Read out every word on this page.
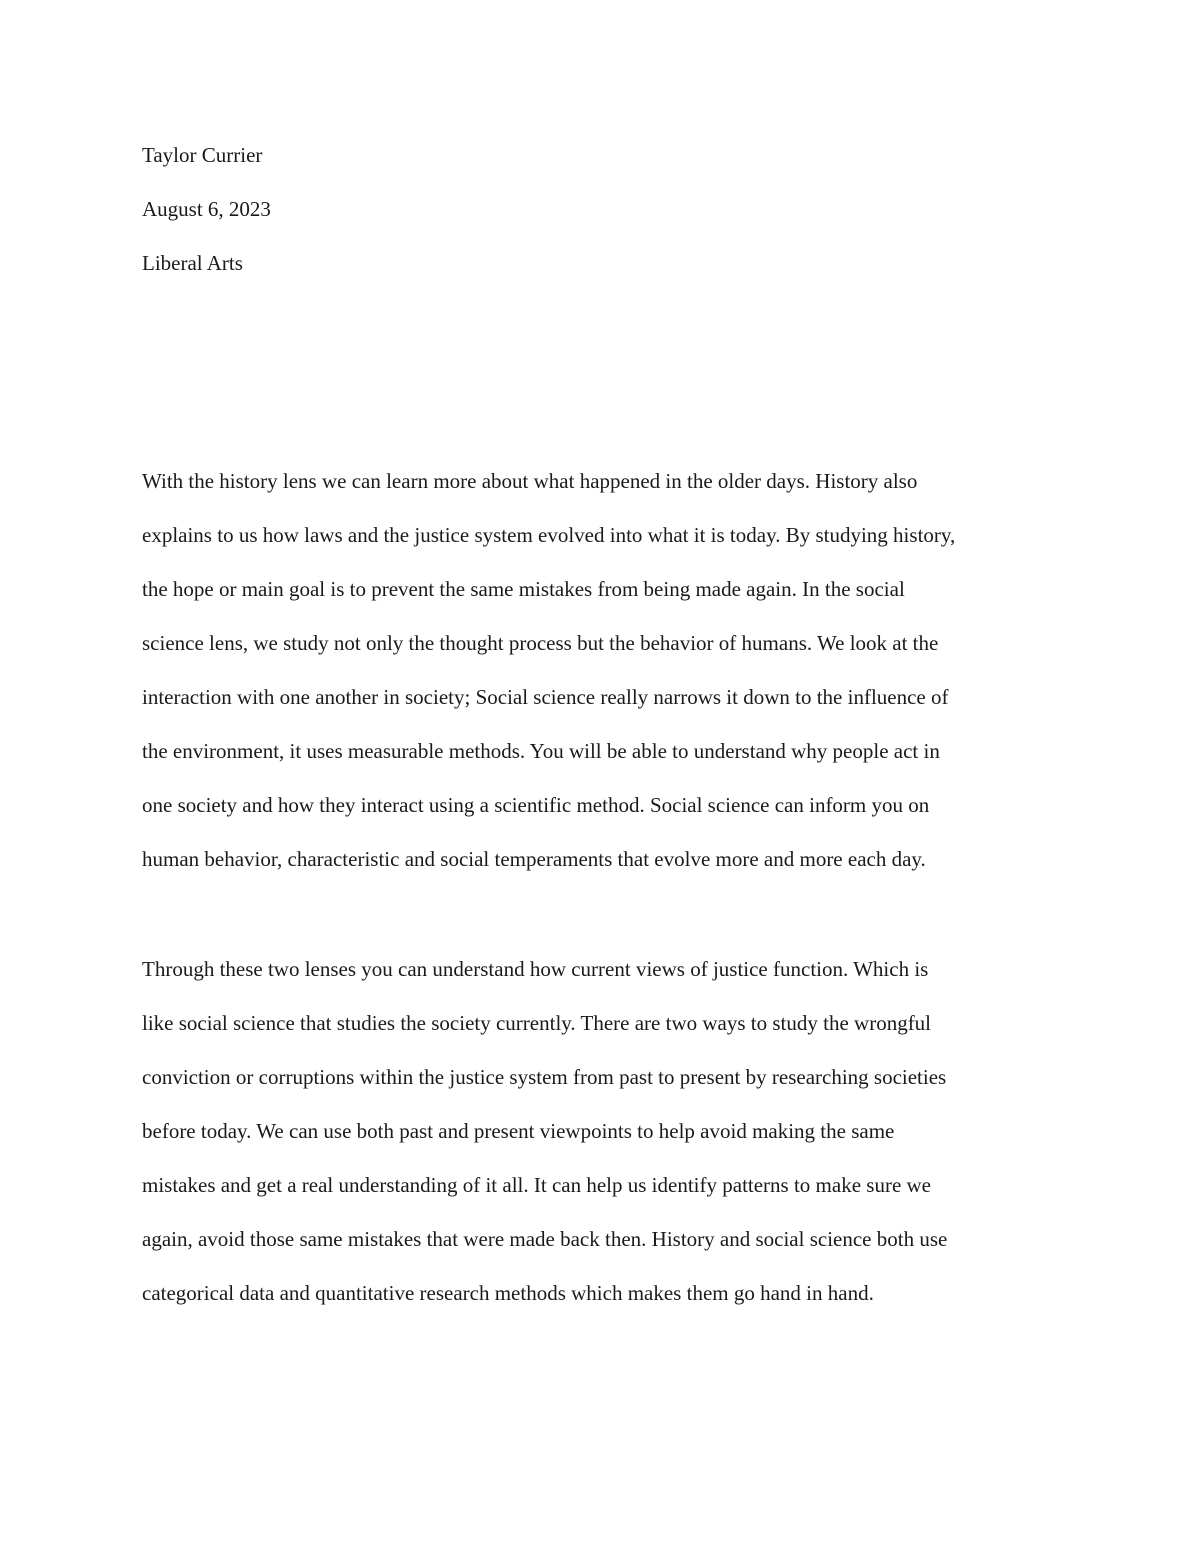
Taylor Currier
August 6, 2023
Liberal Arts
With the history lens we can learn more about what happened in the older days. History also
explains to us how laws and the justice system evolved into what it is today. By studying history,
the hope or main goal is to prevent the same mistakes from being made again. In the social
science lens, we study not only the thought process but the behavior of humans. We look at the
interaction with one another in society; Social science really narrows it down to the influence of
the environment, it uses measurable methods. You will be able to understand why people act in
one society and how they interact using a scientific method. Social science can inform you on
human behavior, characteristic and social temperaments that evolve more and more each day.
Through these two lenses you can understand how current views of justice function. Which is
like social science that studies the society currently. There are two ways to study the wrongful
conviction or corruptions within the justice system from past to present by researching societies
before today. We can use both past and present viewpoints to help avoid making the same
mistakes and get a real understanding of it all. It can help us identify patterns to make sure we
again, avoid those same mistakes that were made back then. History and social science both use
categorical data and quantitative research methods which makes them go hand in hand.
